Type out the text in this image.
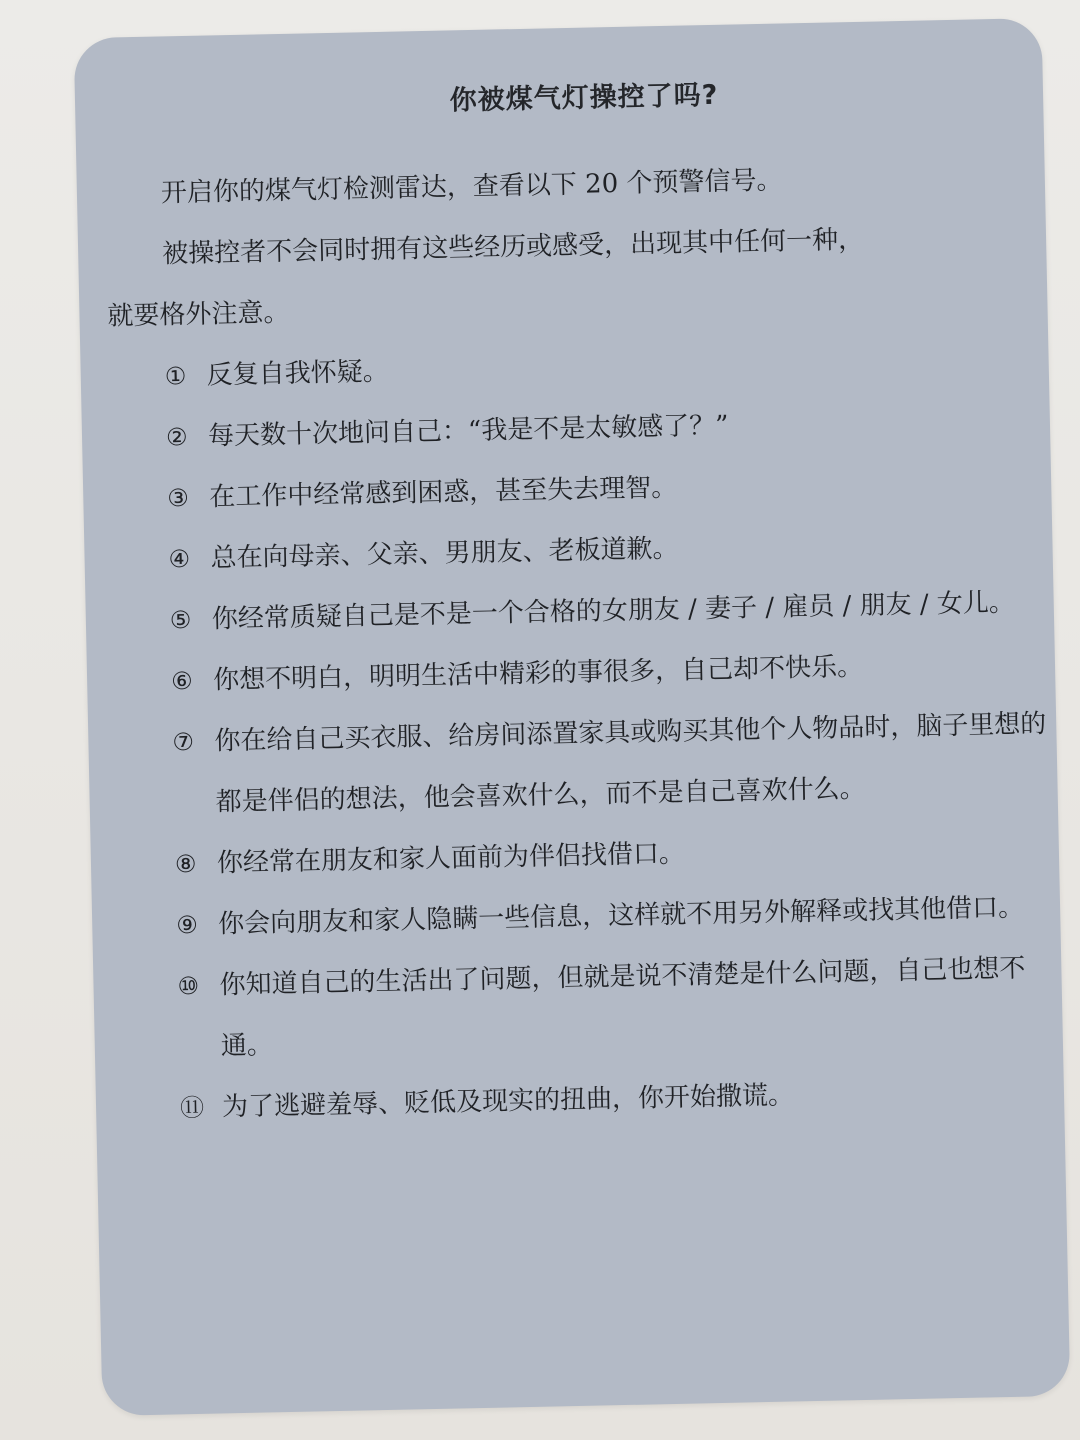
你被煤气灯操控了吗?
开启你的煤气灯检测雷达，查看以下 20 个预警信号。
被操控者不会同时拥有这些经历或感受，出现其中任何一种，
就要格外注意。
① 反复自我怀疑。
② 每天数十次地问自己：“我是不是太敏感了？”
③ 在工作中经常感到困惑，甚至失去理智。
④ 总在向母亲、父亲、男朋友、老板道歉。
⑤ 你经常质疑自己是不是一个合格的女朋友 / 妻子 / 雇员 / 朋友 / 女儿。
⑥ 你想不明白，明明生活中精彩的事很多，自己却不快乐。
⑦ 你在给自己买衣服、给房间添置家具或购买其他个人物品时，脑子里想的都是伴侣的想法，他会喜欢什么，而不是自己喜欢什么。
⑧ 你经常在朋友和家人面前为伴侣找借口。
⑨ 你会向朋友和家人隐瞒一些信息，这样就不用另外解释或找其他借口。
⑩ 你知道自己的生活出了问题，但就是说不清楚是什么问题，自己也想不通。
⑪ 为了逃避羞辱、贬低及现实的扭曲，你开始撒谎。
